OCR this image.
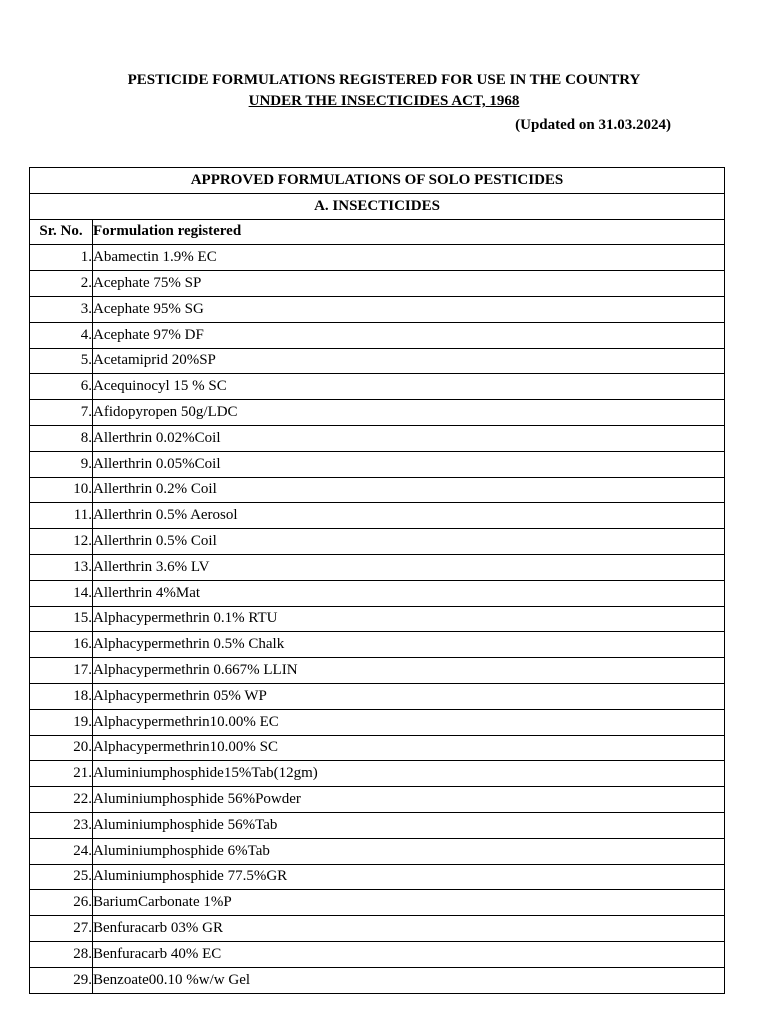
PESTICIDE FORMULATIONS REGISTERED FOR USE IN THE COUNTRY
UNDER THE INSECTICIDES ACT, 1968
(Updated on 31.03.2024)
APPROVED FORMULATIONS OF SOLO PESTICIDES	
A. INSECTICIDES	
Sr. No.	Formulation registered
1.	Abamectin 1.9% EC
2.	Acephate 75% SP
3.	Acephate 95% SG
4.	Acephate 97% DF
5.	Acetamiprid 20%SP
6.	Acequinocyl 15 % SC
7.	Afidopyropen 50g/LDC
8.	Allerthrin 0.02%Coil
9.	Allerthrin 0.05%Coil
10.	Allerthrin 0.2% Coil
11.	Allerthrin 0.5% Aerosol
12.	Allerthrin 0.5% Coil
13.	Allerthrin 3.6% LV
14.	Allerthrin 4%Mat
15.	Alphacypermethrin 0.1% RTU
16.	Alphacypermethrin 0.5% Chalk
17.	Alphacypermethrin 0.667% LLIN
18.	Alphacypermethrin 05% WP
19.	Alphacypermethrin10.00% EC
20.	Alphacypermethrin10.00% SC
21.	Aluminiumphosphide15%Tab(12gm)
22.	Aluminiumphosphide 56%Powder
23.	Aluminiumphosphide 56%Tab
24.	Aluminiumphosphide 6%Tab
25.	Aluminiumphosphide 77.5%GR
26.	BariumCarbonate 1%P
27.	Benfuracarb 03% GR
28.	Benfuracarb 40% EC
29.	Benzoate00.10 %w/w Gel
